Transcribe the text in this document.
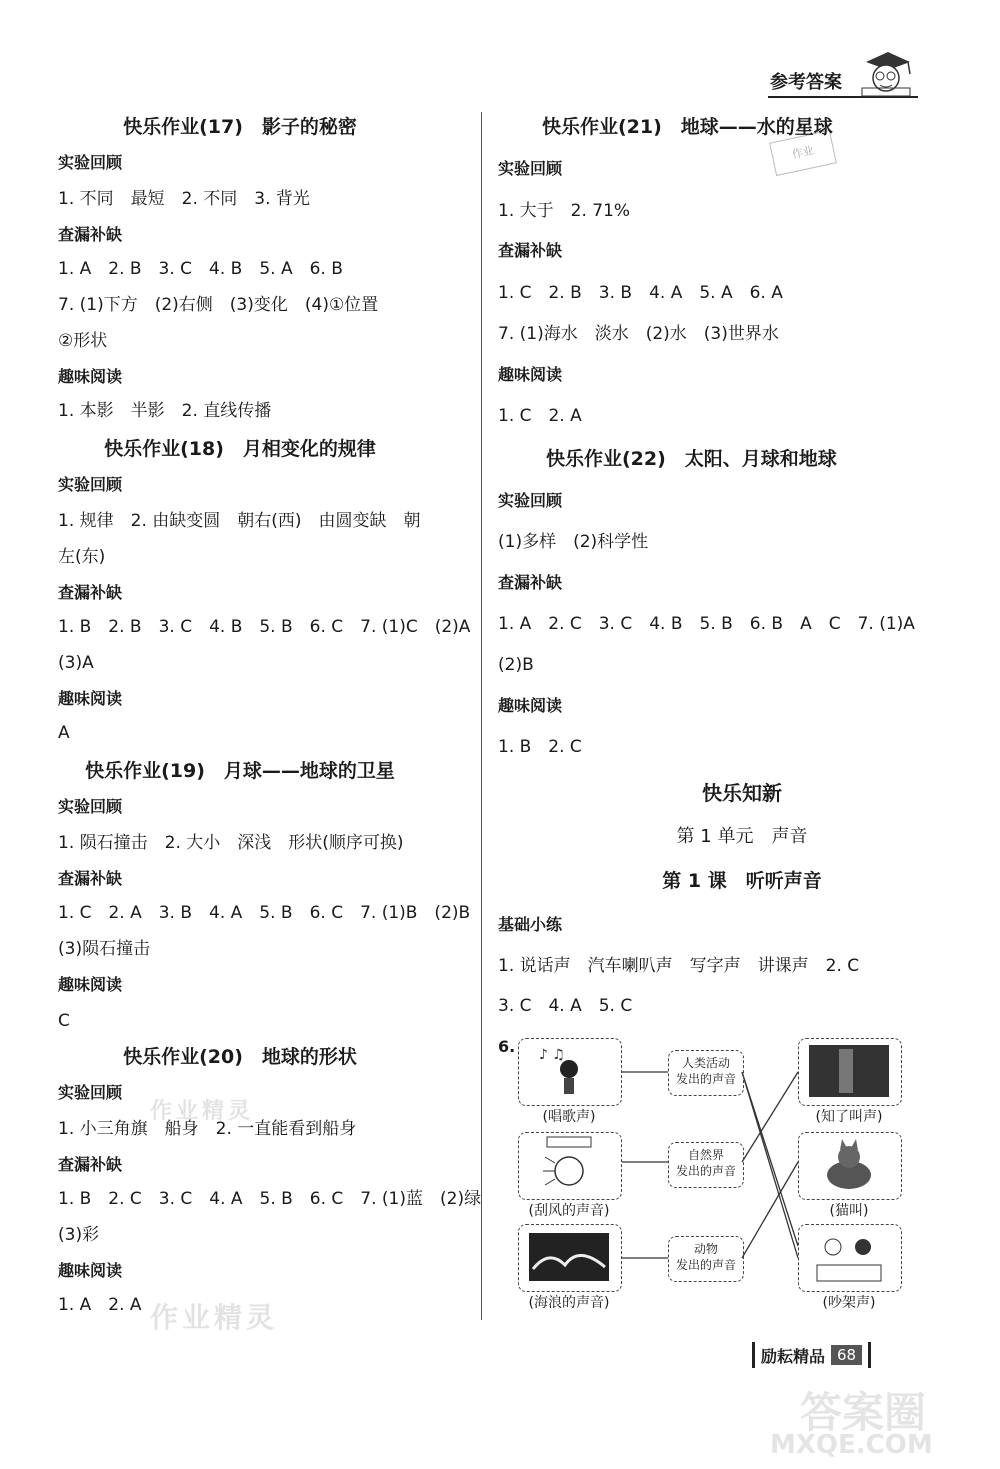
参考答案
作业
快乐作业(17)　影子的秘密
实验回顾
1. 不同　最短　2. 不同　3. 背光
查漏补缺
1. A　2. B　3. C　4. B　5. A　6. B
7. (1)下方　(2)右侧　(3)变化　(4)①位置
②形状
趣味阅读
1. 本影　半影　2. 直线传播
快乐作业(18)　月相变化的规律
实验回顾
1. 规律　2. 由缺变圆　朝右(西)　由圆变缺　朝
左(东)
查漏补缺
1. B　2. B　3. C　4. B　5. B　6. C　7. (1)C　(2)A
(3)A
趣味阅读
A
快乐作业(19)　月球——地球的卫星
实验回顾
1. 陨石撞击　2. 大小　深浅　形状(顺序可换)
查漏补缺
1. C　2. A　3. B　4. A　5. B　6. C　7. (1)B　(2)B
(3)陨石撞击
趣味阅读
C
快乐作业(20)　地球的形状
实验回顾
1. 小三角旗　船身　2. 一直能看到船身
查漏补缺
1. B　2. C　3. C　4. A　5. B　6. C　7. (1)蓝　(2)绿
(3)彩
趣味阅读
1. A　2. A
快乐作业(21)　地球——水的星球
实验回顾
1. 大于　2. 71%
查漏补缺
1. C　2. B　3. B　4. A　5. A　6. A
7. (1)海水　淡水　(2)水　(3)世界水
趣味阅读
1. C　2. A
快乐作业(22)　太阳、月球和地球
实验回顾
(1)多样　(2)科学性
查漏补缺
1. A　2. C　3. C　4. B　5. B　6. B　A　C　7. (1)A
(2)B
趣味阅读
1. B　2. C
快乐知新
第 1 单元　声音
第 1 课　听听声音
基础小练
1. 说话声　汽车喇叭声　写字声　讲课声　2. C
3. C　4. A　5. C
6. ♪ ♫
(唱歌声)
(刮风的声音)
(海浪的声音)
人类活动
发出的声音
自然界
发出的声音
动物
发出的声音
(知了叫声)
(猫叫)
(吵架声)
励耘精品 68
作业精灵
作业精灵
答案圈
MXQE.COM
